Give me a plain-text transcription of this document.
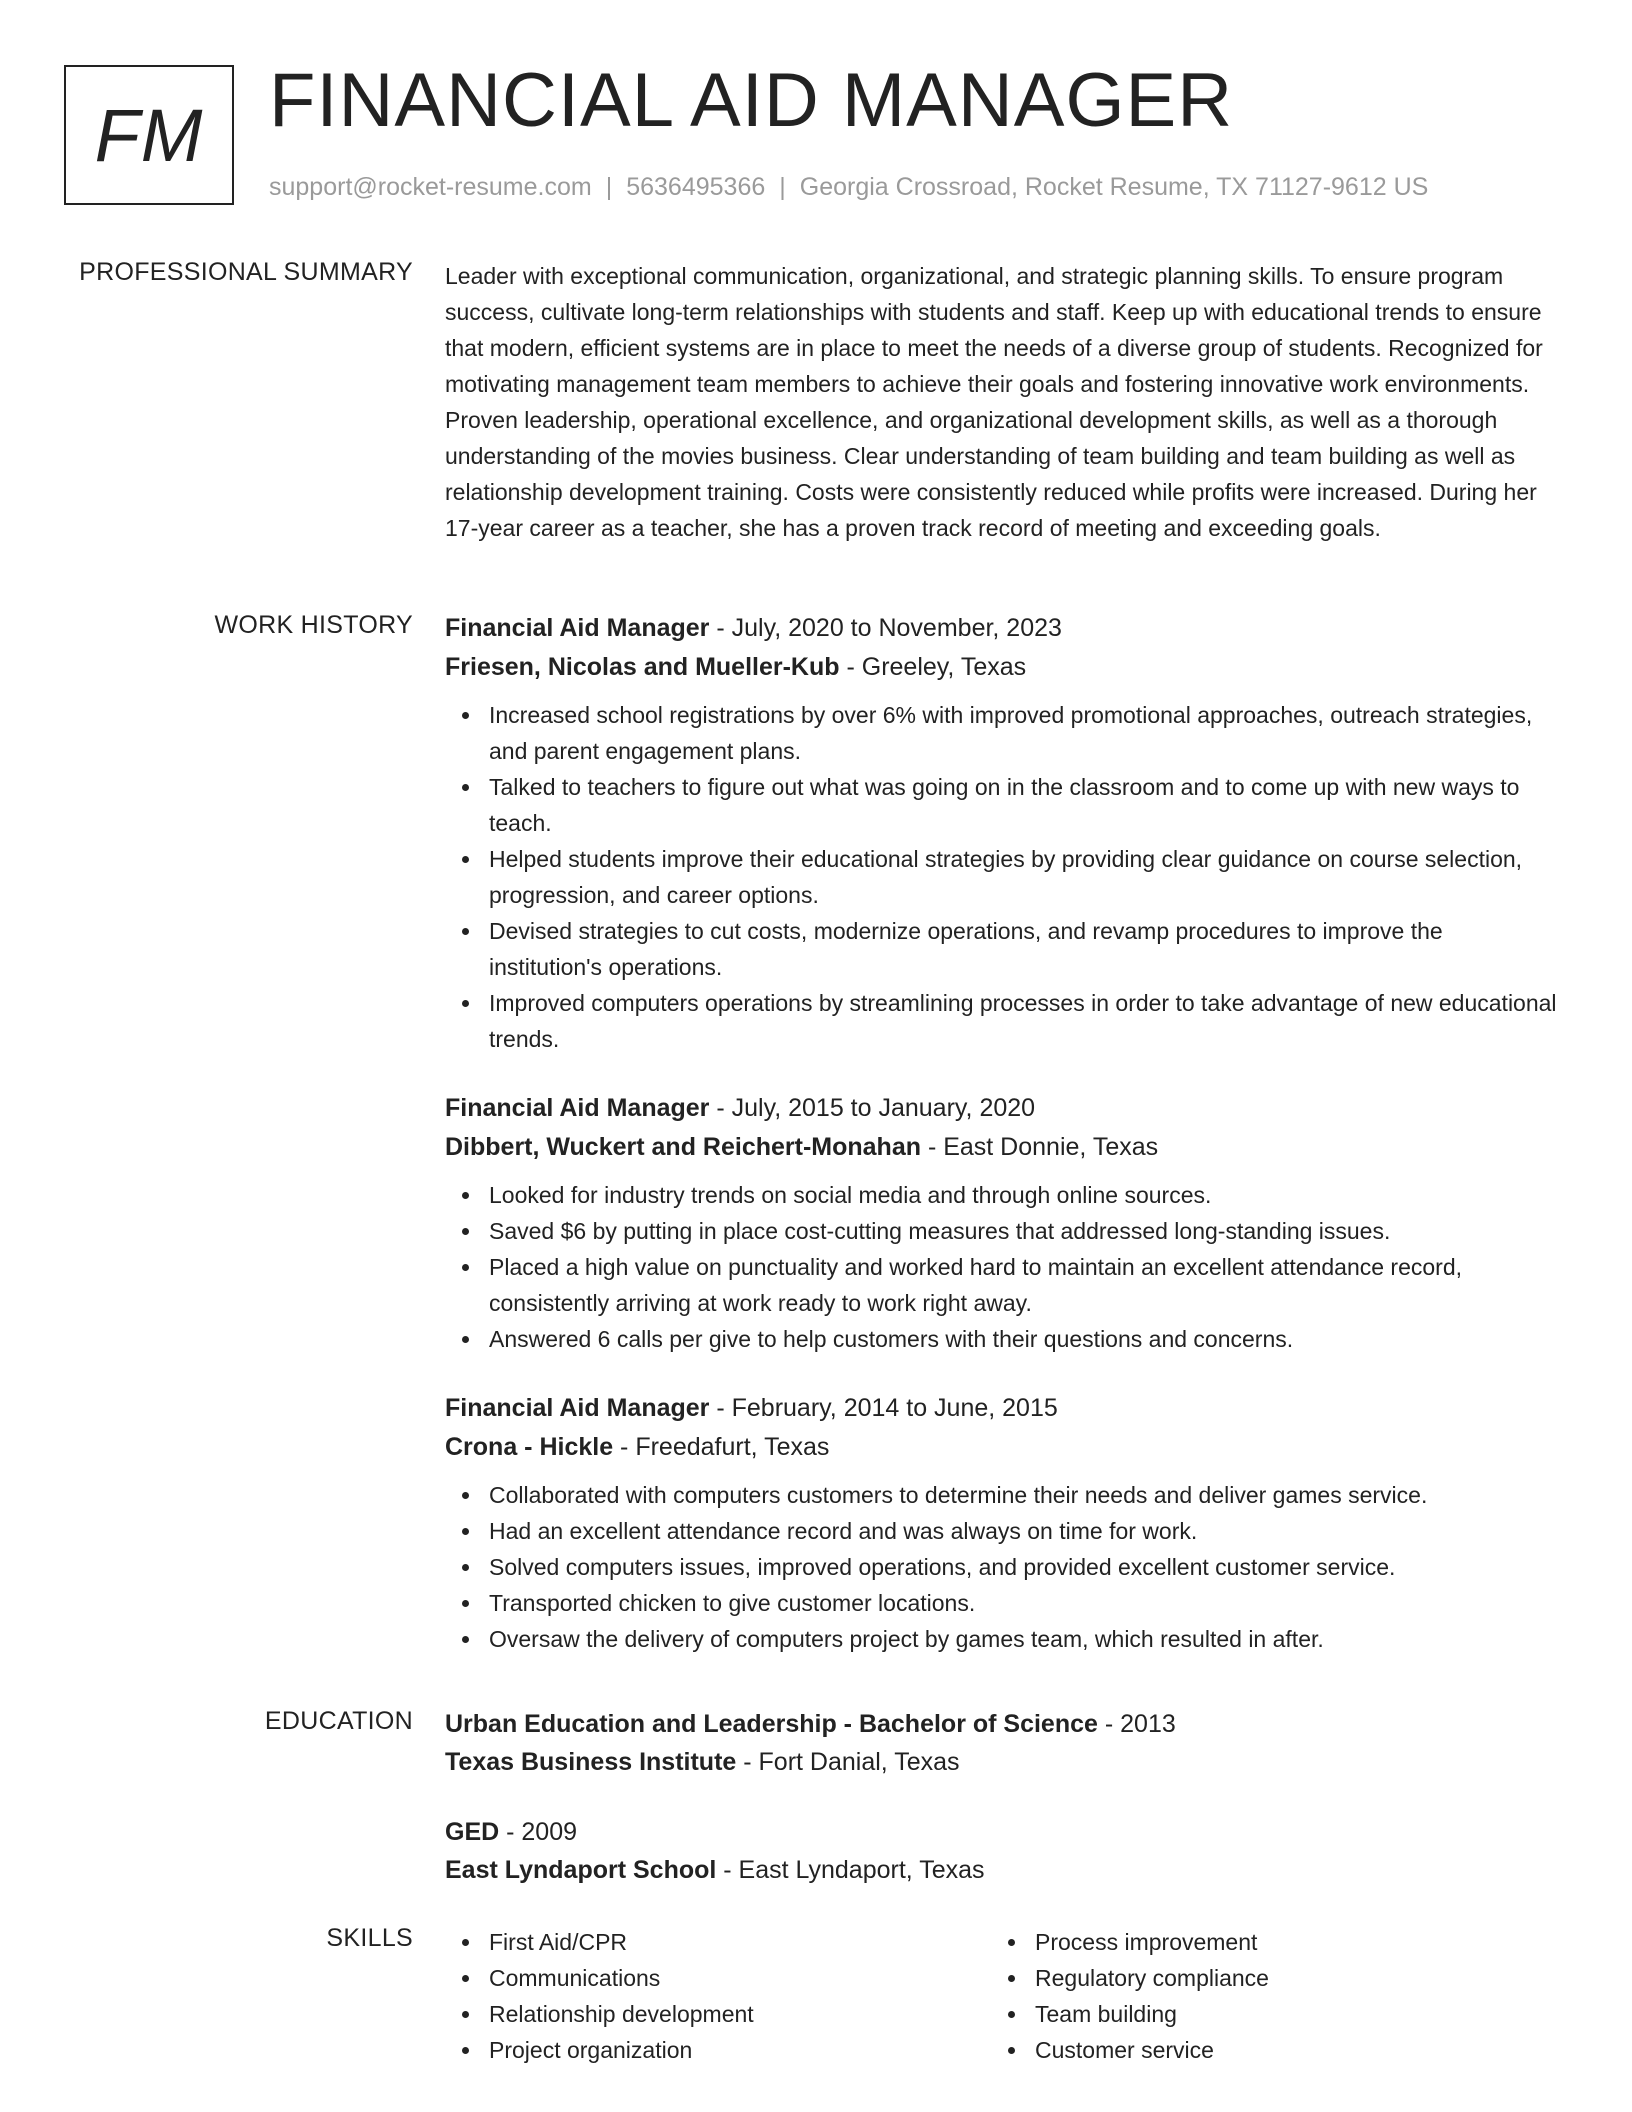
FM FINANCIAL AID MANAGER
support@rocket-resume.com | 5636495366 | Georgia Crossroad, Rocket Resume, TX 71127-9612 US
PROFESSIONAL SUMMARY Leader with exceptional communication, organizational, and strategic planning skills. To ensure program success, cultivate long-term relationships with students and staff. Keep up with educational trends to ensure that modern, efficient systems are in place to meet the needs of a diverse group of students. Recognized for motivating management team members to achieve their goals and fostering innovative work environments. Proven leadership, operational excellence, and organizational development skills, as well as a thorough understanding of the movies business. Clear understanding of team building and team building as well as relationship development training. Costs were consistently reduced while profits were increased. During her 17-year career as a teacher, she has a proven track record of meeting and exceeding goals.

WORK HISTORY Financial Aid Manager - July, 2020 to November, 2023
Friesen, Nicolas and Mueller-Kub - Greeley, Texas
Increased school registrations by over 6% with improved promotional approaches, outreach strategies, and parent engagement plans.
Talked to teachers to figure out what was going on in the classroom and to come up with new ways to teach.
Helped students improve their educational strategies by providing clear guidance on course selection, progression, and career options.
Devised strategies to cut costs, modernize operations, and revamp procedures to improve the institution's operations.
Improved computers operations by streamlining processes in order to take advantage of new educational trends.
Financial Aid Manager - July, 2015 to January, 2020
Dibbert, Wuckert and Reichert-Monahan - East Donnie, Texas
Looked for industry trends on social media and through online sources.
Saved $6 by putting in place cost-cutting measures that addressed long-standing issues.
Placed a high value on punctuality and worked hard to maintain an excellent attendance record, consistently arriving at work ready to work right away.
Answered 6 calls per give to help customers with their questions and concerns.
Financial Aid Manager - February, 2014 to June, 2015
Crona - Hickle - Freedafurt, Texas
Collaborated with computers customers to determine their needs and deliver games service.
Had an excellent attendance record and was always on time for work.
Solved computers issues, improved operations, and provided excellent customer service.
Transported chicken to give customer locations.
Oversaw the delivery of computers project by games team, which resulted in after.
EDUCATION Urban Education and Leadership - Bachelor of Science - 2013
Texas Business Institute - Fort Danial, Texas
GED - 2009
East Lyndaport School - East Lyndaport, Texas
SKILLS	First Aid/CPR
Communications
Relationship development
Project organization
Process improvement
Regulatory compliance
Team building
Customer service
